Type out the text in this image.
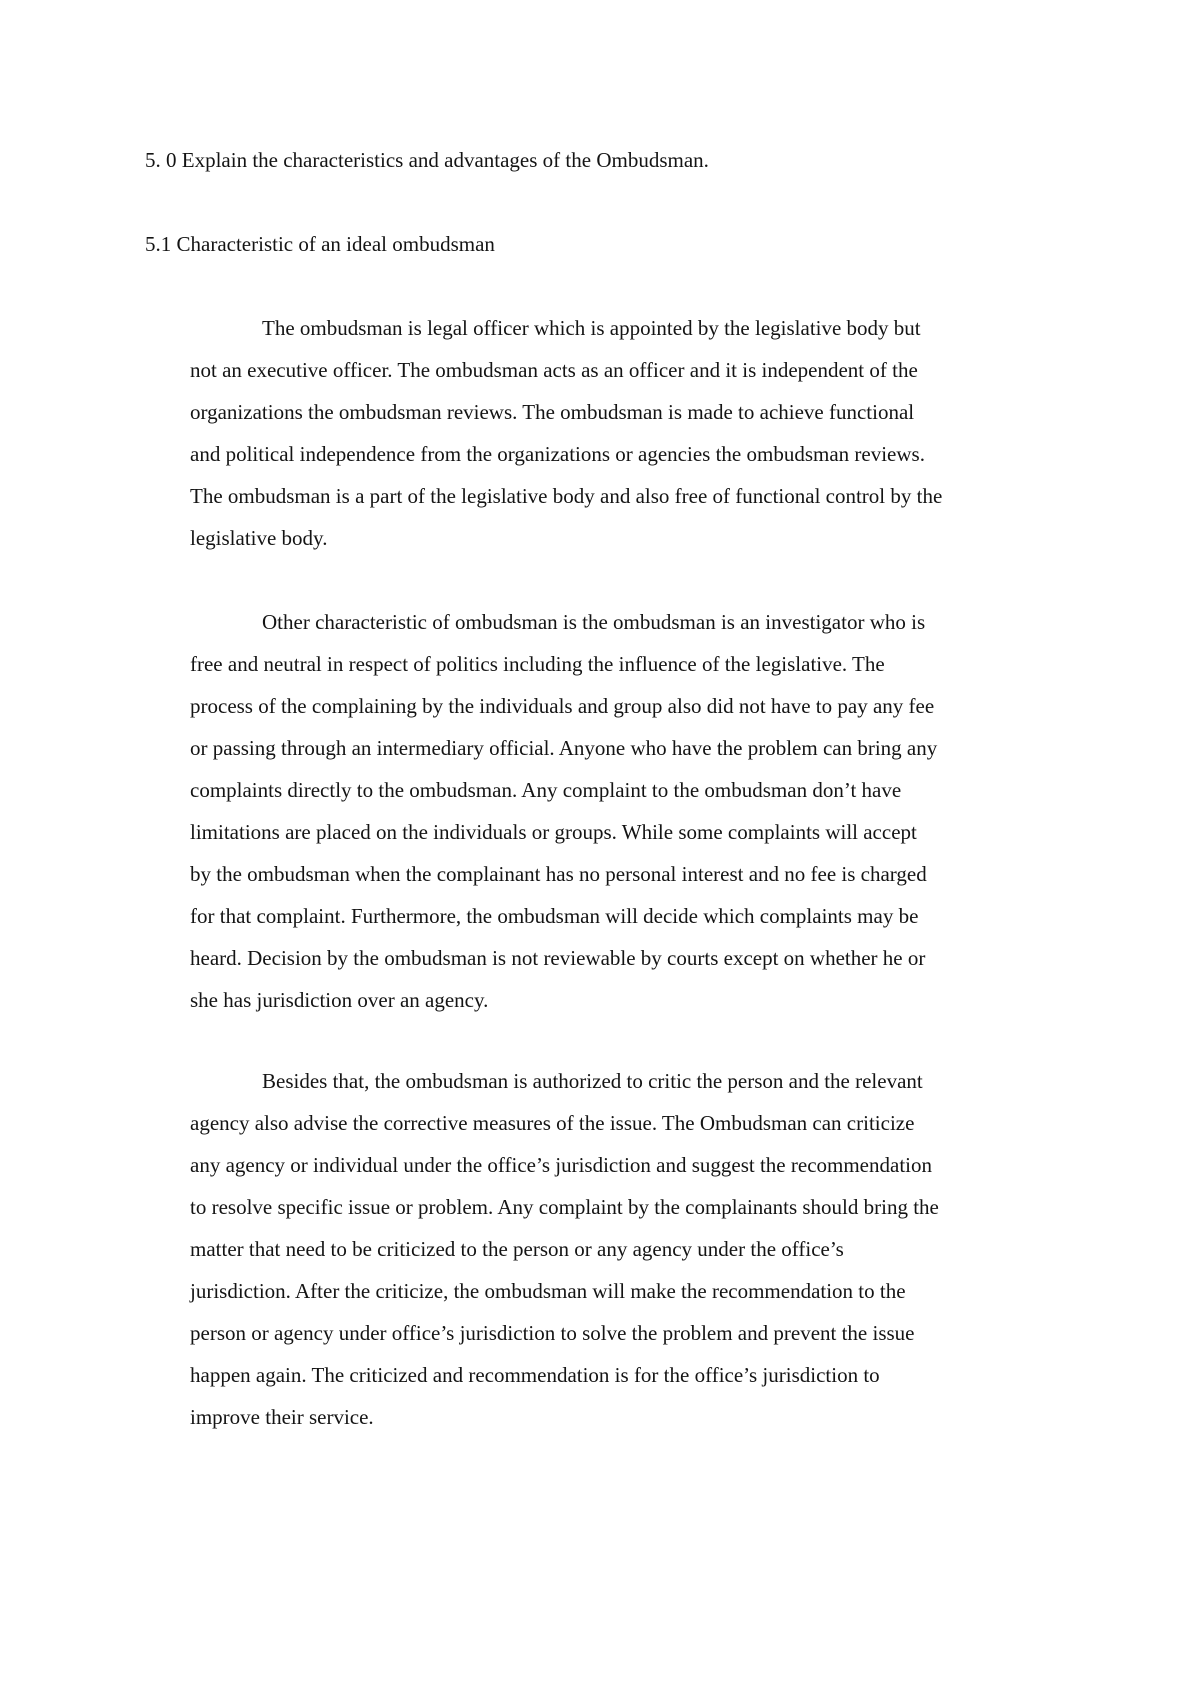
5. 0 Explain the characteristics and advantages of the Ombudsman.
5.1 Characteristic of an ideal ombudsman
The ombudsman is legal officer which is appointed by the legislative body but
not an executive officer. The ombudsman acts as an officer and it is independent of the
organizations the ombudsman reviews. The ombudsman is made to achieve functional
and political independence from the organizations or agencies the ombudsman reviews.
The ombudsman is a part of the legislative body and also free of functional control by the
legislative body.
Other characteristic of ombudsman is the ombudsman is an investigator who is
free and neutral in respect of politics including the influence of the legislative. The
process of the complaining by the individuals and group also did not have to pay any fee
or passing through an intermediary official. Anyone who have the problem can bring any
complaints directly to the ombudsman. Any complaint to the ombudsman don’t have
limitations are placed on the individuals or groups. While some complaints will accept
by the ombudsman when the complainant has no personal interest and no fee is charged
for that complaint. Furthermore, the ombudsman will decide which complaints may be
heard. Decision by the ombudsman is not reviewable by courts except on whether he or
she has jurisdiction over an agency.
Besides that, the ombudsman is authorized to critic the person and the relevant
agency also advise the corrective measures of the issue. The Ombudsman can criticize
any agency or individual under the office’s jurisdiction and suggest the recommendation
to resolve specific issue or problem. Any complaint by the complainants should bring the
matter that need to be criticized to the person or any agency under the office’s
jurisdiction. After the criticize, the ombudsman will make the recommendation to the
person or agency under office’s jurisdiction to solve the problem and prevent the issue
happen again. The criticized and recommendation is for the office’s jurisdiction to
improve their service.
